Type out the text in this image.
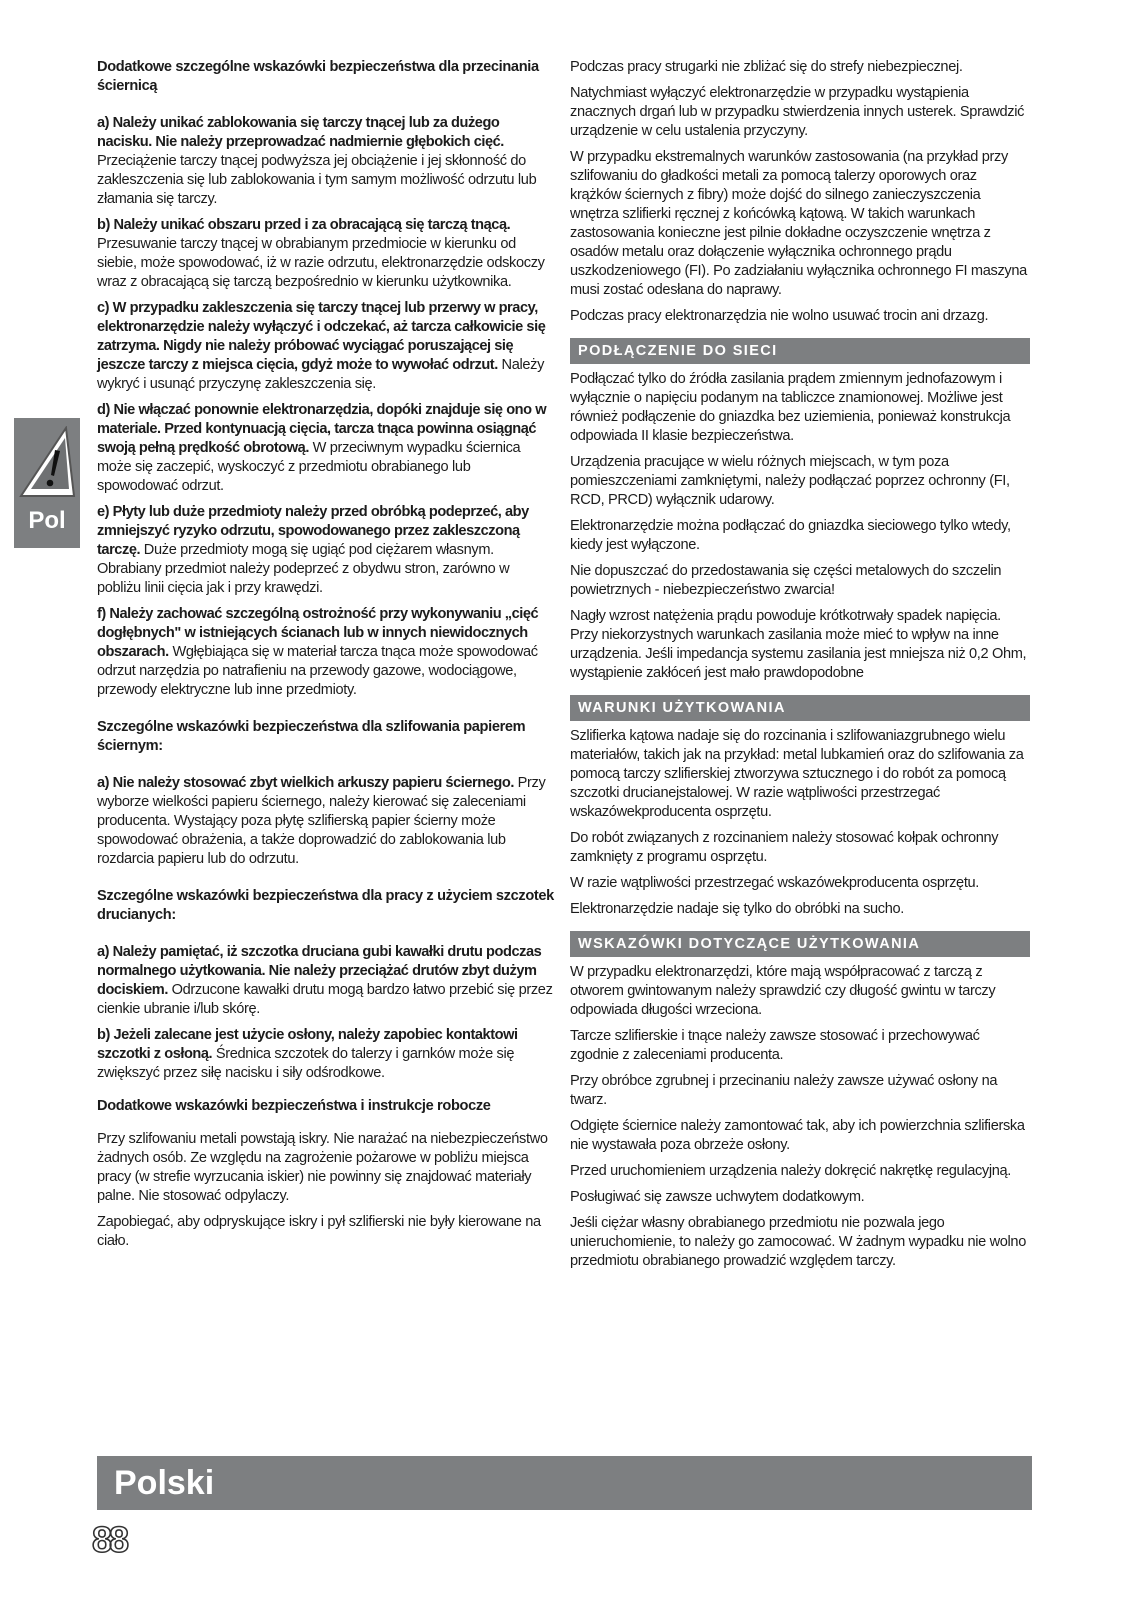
Pol

Dodatkowe szczególne wskazówki bezpieczeństwa dla przecinania ściernicą

a) Należy unikać zablokowania się tarczy tnącej lub za dużego nacisku. Nie należy przeprowadzać nadmiernie głębokich cięć. Przeciążenie tarczy tnącej podwyższa jej obciążenie i jej skłonność do zakleszczenia się lub zablokowania i tym samym możliwość odrzutu lub złamania się tarczy.

b) Należy unikać obszaru przed i za obracającą się tarczą tnącą. Przesuwanie tarczy tnącej w obrabianym przedmiocie w kierunku od siebie, może spowodować, iż w razie odrzutu, elektronarzędzie odskoczy wraz z obracającą się tarczą bezpośrednio w kierunku użytkownika.

c) W przypadku zakleszczenia się tarczy tnącej lub przerwy w pracy, elektronarzędzie należy wyłączyć i odczekać, aż tarcza całkowicie się zatrzyma. Nigdy nie należy próbować wyciągać poruszającej się jeszcze tarczy z miejsca cięcia, gdyż może to wywołać odrzut. Należy wykryć i usunąć przyczynę zakleszczenia się.

d) Nie włączać ponownie elektronarzędzia, dopóki znajduje się ono w materiale. Przed kontynuacją cięcia, tarcza tnąca powinna osiągnąć swoją pełną prędkość obrotową. W przeciwnym wypadku ściernica może się zaczepić, wyskoczyć z przedmiotu obrabianego lub spowodować odrzut.

e) Płyty lub duże przedmioty należy przed obróbką podeprzeć, aby zmniejszyć ryzyko odrzutu, spowodowanego przez zakleszczoną tarczę. Duże przedmioty mogą się ugiąć pod ciężarem własnym. Obrabiany przedmiot należy podeprzeć z obydwu stron, zarówno w pobliżu linii cięcia jak i przy krawędzi.

f) Należy zachować szczególną ostrożność przy wykonywaniu „cięć dogłębnych" w istniejących ścianach lub w innych niewidocznych obszarach. Wgłębiająca się w materiał tarcza tnąca może spowodować odrzut narzędzia po natrafieniu na przewody gazowe, wodociągowe, przewody elektryczne lub inne przedmioty.

Szczególne wskazówki bezpieczeństwa dla szlifowania papierem ściernym:

a) Nie należy stosować zbyt wielkich arkuszy papieru ściernego. Przy wyborze wielkości papieru ściernego, należy kierować się zaleceniami producenta. Wystający poza płytę szlifierską papier ścierny może spowodować obrażenia, a także doprowadzić do zablokowania lub rozdarcia papieru lub do odrzutu.

Szczególne wskazówki bezpieczeństwa dla pracy z użyciem szczotek drucianych:

a) Należy pamiętać, iż szczotka druciana gubi kawałki drutu podczas normalnego użytkowania. Nie należy przeciążać drutów zbyt dużym dociskiem. Odrzucone kawałki drutu mogą bardzo łatwo przebić się przez cienkie ubranie i/lub skórę.

b) Jeżeli zalecane jest użycie osłony, należy zapobiec kontaktowi szczotki z osłoną. Średnica szczotek do talerzy i garnków może się zwiększyć przez siłę nacisku i siły odśrodkowe.

Dodatkowe wskazówki bezpieczeństwa i instrukcje robocze

Przy szlifowaniu metali powstają iskry. Nie narażać na niebezpieczeństwo żadnych osób. Ze względu na zagrożenie pożarowe w pobliżu miejsca pracy (w strefie wyrzucania iskier) nie powinny się znajdować materiały palne. Nie stosować odpylaczy.

Zapobiegać, aby odpryskujące iskry i pył szlifierski nie były kierowane na ciało.

Podczas pracy strugarki nie zbliżać się do strefy niebezpiecznej.

Natychmiast wyłączyć elektronarzędzie w przypadku wystąpienia znacznych drgań lub w przypadku stwierdzenia innych usterek. Sprawdzić urządzenie w celu ustalenia przyczyny.

W przypadku ekstremalnych warunków zastosowania (na przykład przy szlifowaniu do gładkości metali za pomocą talerzy oporowych oraz krążków ściernych z fibry) może dojść do silnego zanieczyszczenia wnętrza szlifierki ręcznej z końcówką kątową. W takich warunkach zastosowania konieczne jest pilnie dokładne oczyszczenie wnętrza z osadów metalu oraz dołączenie wyłącznika ochronnego prądu uszkodzeniowego (FI). Po zadziałaniu wyłącznika ochronnego FI maszyna musi zostać odesłana do naprawy.

Podczas pracy elektronarzędzia nie wolno usuwać trocin ani drzazg.

PODŁĄCZENIE DO SIECI

Podłączać tylko do źródła zasilania prądem zmiennym jednofazowym i wyłącznie o napięciu podanym na tabliczce znamionowej. Możliwe jest również podłączenie do gniazdka bez uziemienia, ponieważ konstrukcja odpowiada II klasie bezpieczeństwa.

Urządzenia pracujące w wielu różnych miejscach, w tym poza pomieszczeniami zamkniętymi, należy podłączać poprzez ochronny (FI, RCD, PRCD) wyłącznik udarowy.

Elektronarzędzie można podłączać do gniazdka sieciowego tylko wtedy, kiedy jest wyłączone.

Nie dopuszczać do przedostawania się części metalowych do szczelin powietrznych - niebezpieczeństwo zwarcia!

Nagły wzrost natężenia prądu powoduje krótkotrwały spadek napięcia. Przy niekorzystnych warunkach zasilania może mieć to wpływ na inne urządzenia. Jeśli impedancja systemu zasilania jest mniejsza niż 0,2 Ohm, wystąpienie zakłóceń jest mało prawdopodobne

WARUNKI UŻYTKOWANIA

Szlifierka kątowa nadaje się do rozcinania i szlifowaniazgrubnego wielu materiałów, takich jak na przykład: metal lubkamień oraz do szlifowania za pomocą tarczy szlifierskiej ztworzywa sztucznego i do robót za pomocą szczotki drucianejstalowej. W razie wątpliwości przestrzegać wskazówekproducenta osprzętu.

Do robót związanych z rozcinaniem należy stosować kołpak ochronny zamknięty z programu osprzętu.

W razie wątpliwości przestrzegać wskazówekproducenta osprzętu.

Elektronarzędzie nadaje się tylko do obróbki na sucho.

WSKAZÓWKI DOTYCZĄCE UŻYTKOWANIA

W przypadku elektronarzędzi, które mają współpracować z tarczą z otworem gwintowanym należy sprawdzić czy długość gwintu w tarczy odpowiada długości wrzeciona.

Tarcze szlifierskie i tnące należy zawsze stosować i przechowywać zgodnie z zaleceniami producenta.

Przy obróbce zgrubnej i przecinaniu należy zawsze używać osłony na twarz.

Odgięte ściernice należy zamontować tak, aby ich powierzchnia szlifierska nie wystawała poza obrzeże osłony.

Przed uruchomieniem urządzenia należy dokręcić nakrętkę regulacyjną.

Posługiwać się zawsze uchwytem dodatkowym.

Jeśli ciężar własny obrabianego przedmiotu nie pozwala jego unieruchomienie, to należy go zamocować. W żadnym wypadku nie wolno przedmiotu obrabianego prowadzić względem tarczy.

Polski
88
